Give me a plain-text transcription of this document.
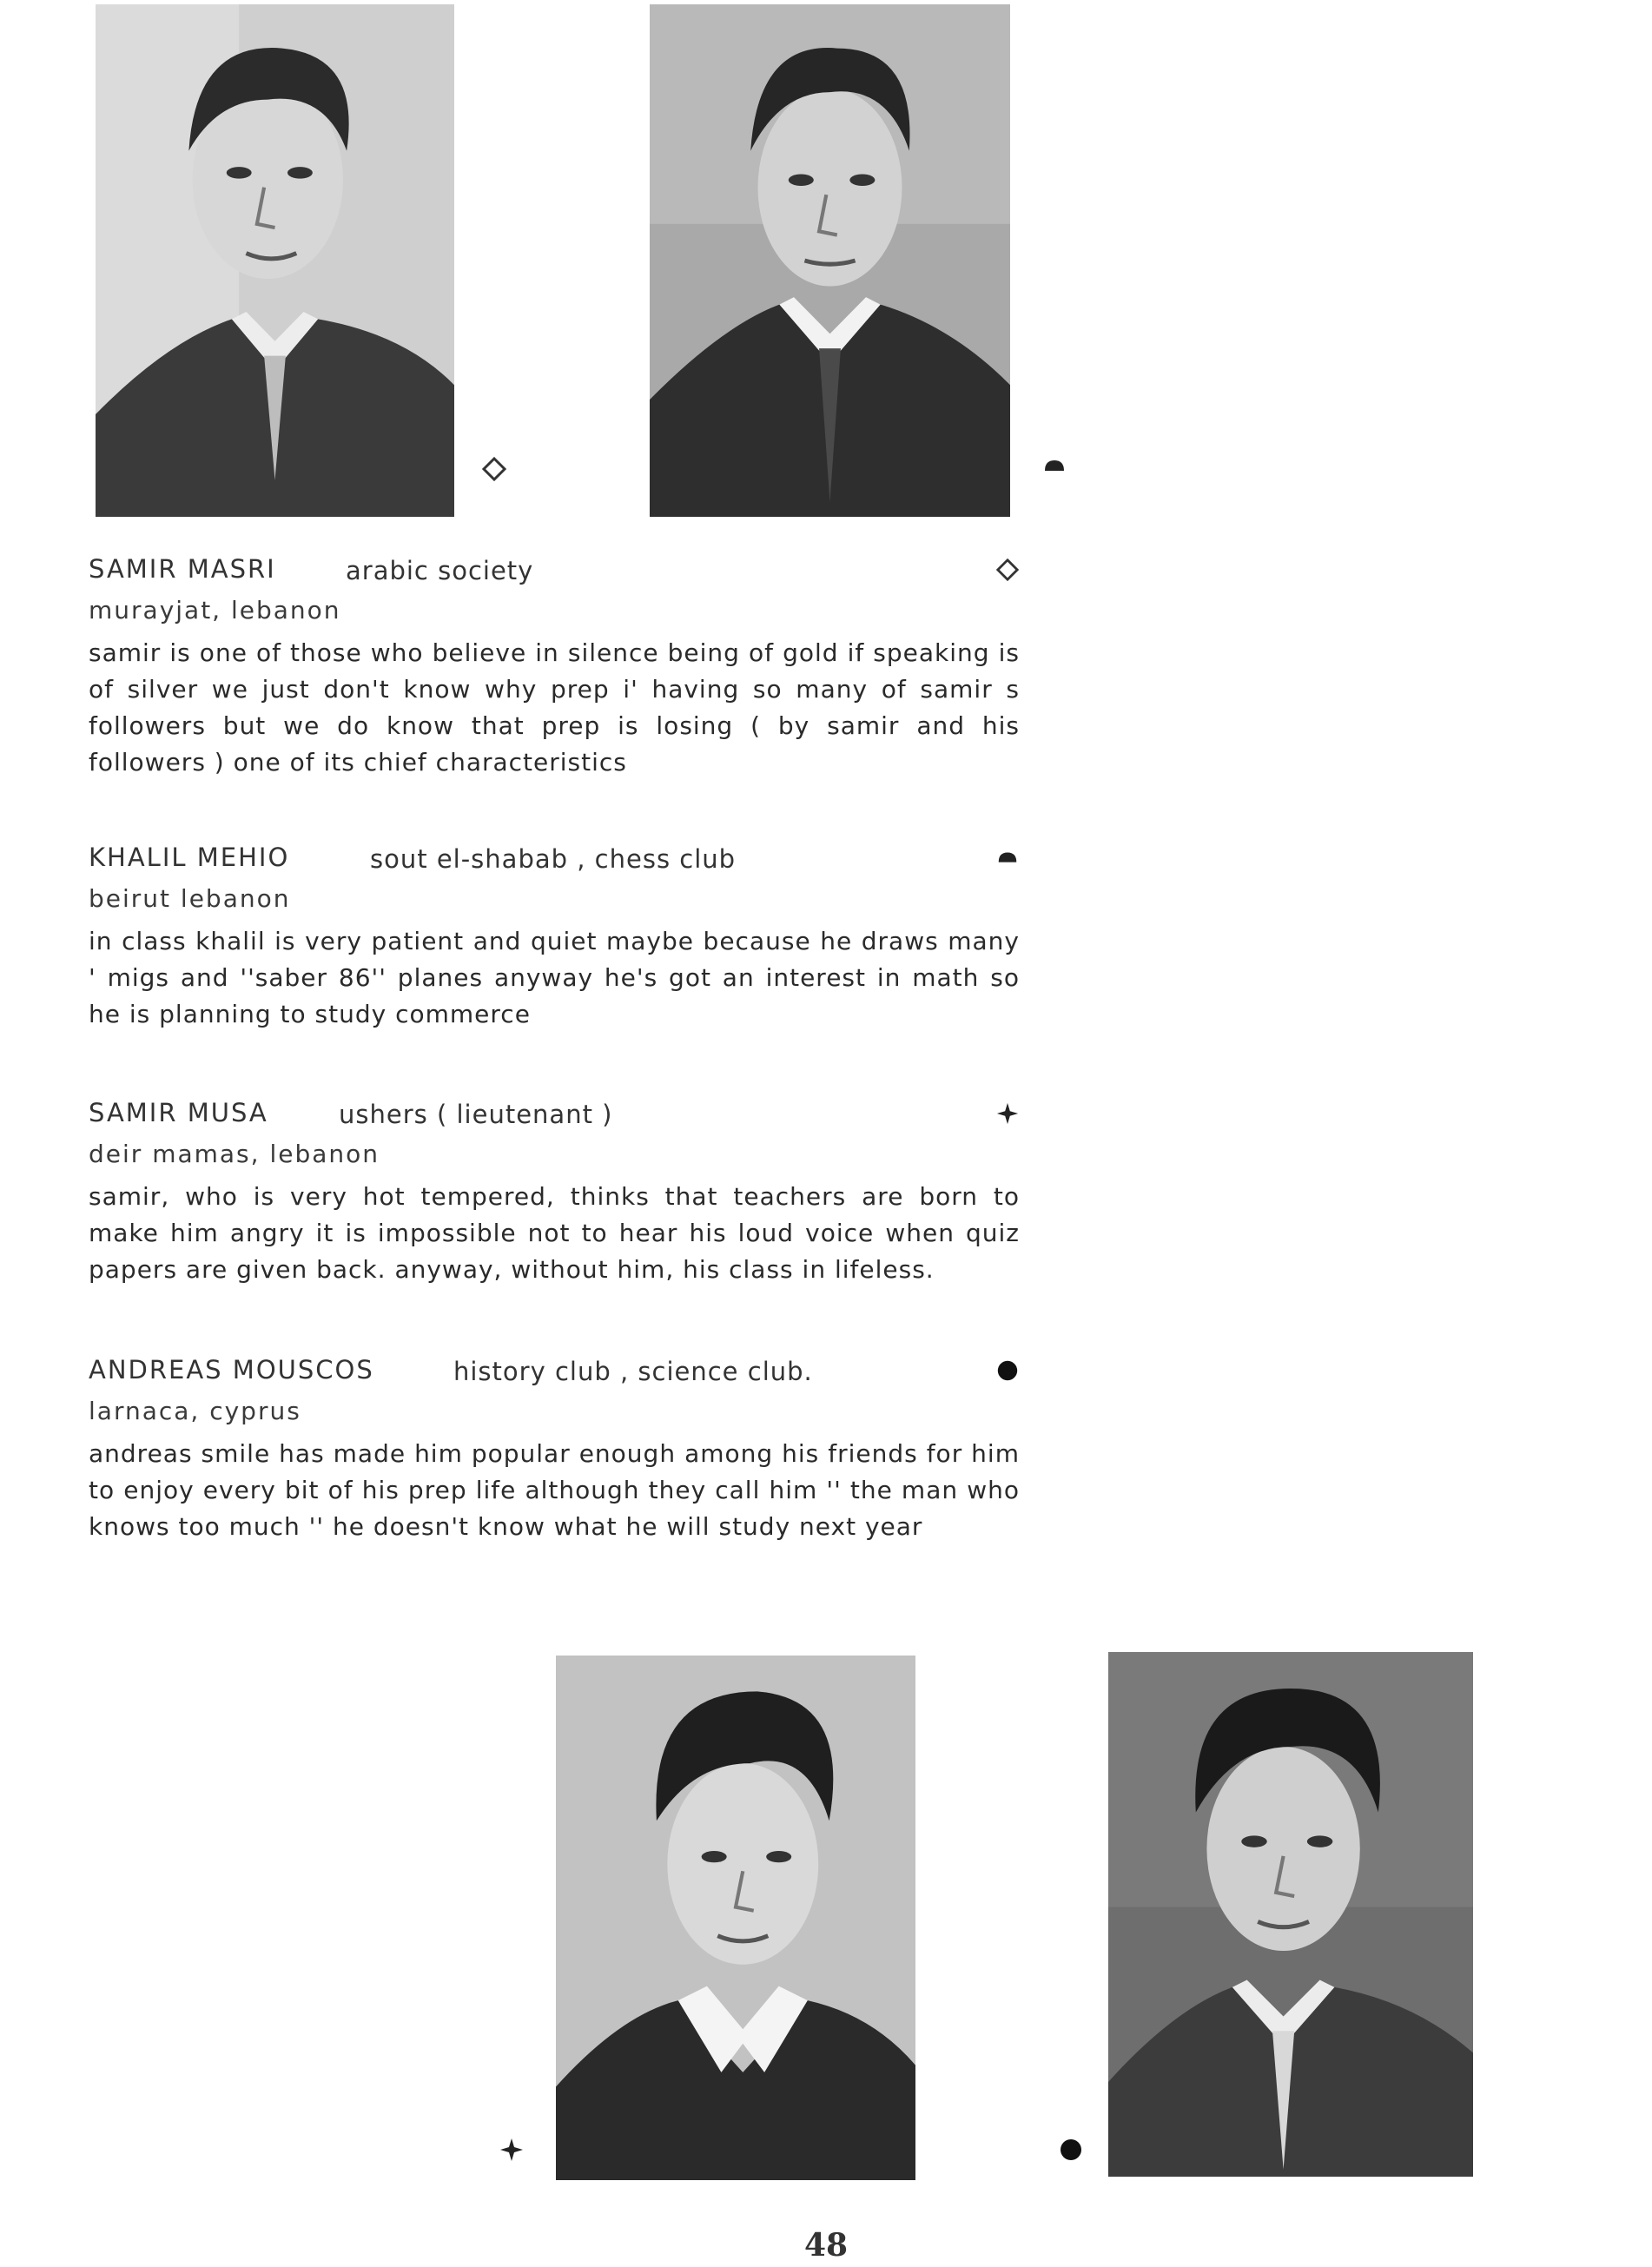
SAMIR MASRI	arabic society
murayjat, lebanon
samir is one of those who believe in silence being of gold if speaking is of silver we just don't know why prep i' having so many of samir s followers but we do know that prep is losing ( by samir and his followers ) one of its chief characteristics
KHALIL MEHIO	sout el-shabab , chess club
beirut lebanon
in class khalil is very patient and quiet maybe because he draws many ' migs and ''saber 86'' planes anyway he's got an interest in math so he is planning to study commerce
SAMIR MUSA	ushers ( lieutenant )
deir mamas, lebanon
samir, who is very hot tempered, thinks that teachers are born to make him angry it is impossible not to hear his loud voice when quiz papers are given back. anyway, without him, his class in lifeless.
ANDREAS MOUSCOS	history club , science club.
larnaca, cyprus
andreas smile has made him popular enough among his friends for him to enjoy every bit of his prep life although they call him '' the man who knows too much '' he doesn't know what he will study next year
48
